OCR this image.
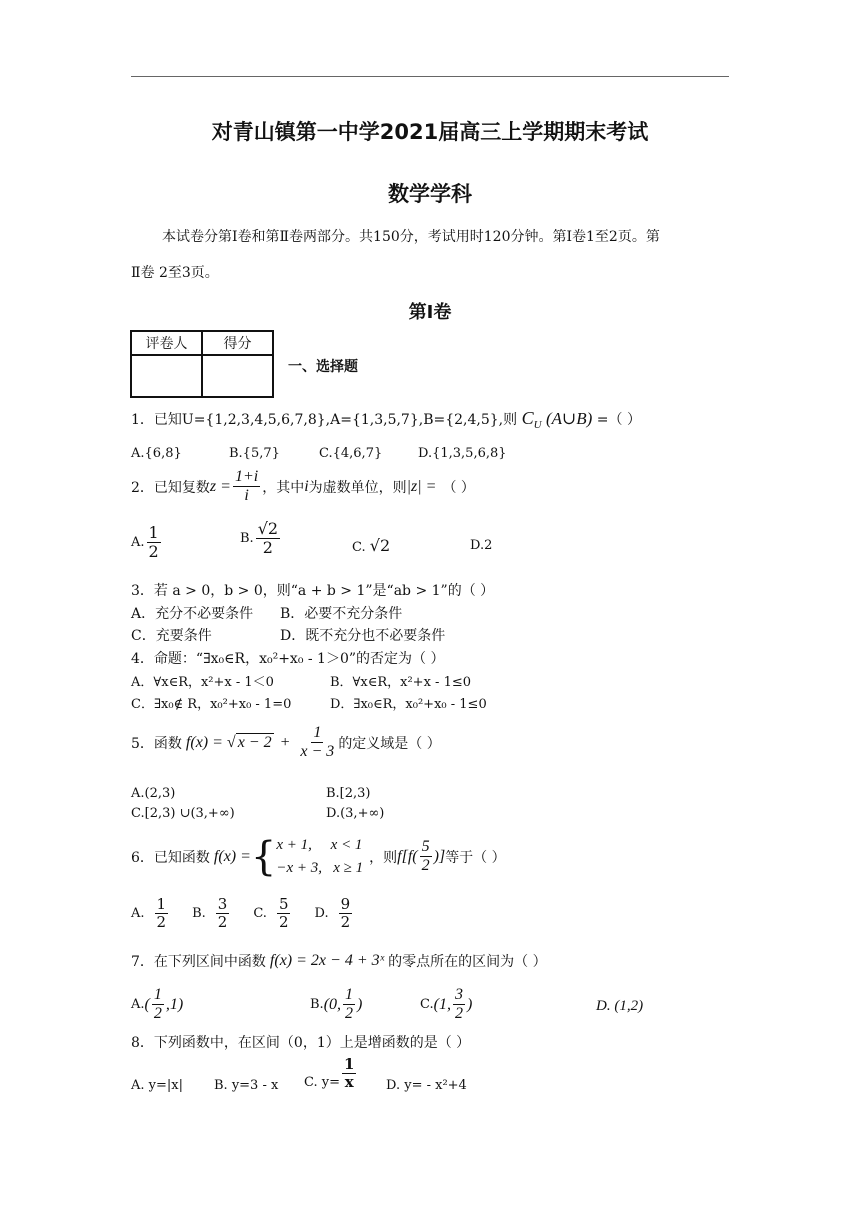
对青山镇第一中学2021届高三上学期期末考试
数学学科
本试卷分第Ⅰ卷和第Ⅱ卷两部分。共150分，考试用时120分钟。第Ⅰ卷1至2页。第
Ⅱ卷 2至3页。
第Ⅰ卷
评卷人	得分

一、选择题
1．已知U={1,2,3,4,5,6,7,8},A={1,3,5,7},B={2,4,5},则 $C_U$ (A∪B) =（ ）
A.{6,8}	B.{5,7}	C.{4,6,7}	D.{1,3,5,6,8}
2．已知复数 $z = \frac{1+i}{i}$ ，其中 i 为虚数单位，则 |z| = （ ）
A. $\frac{1}{2}$	B. $\frac{√2}{2}$	C. √2	D.2
3．若 a > 0，b > 0，则“a + b > 1”是“ab > 1”的（ ）
A．充分不必要条件 B．必要不充分条件
C．充要条件	D．既不充分也不必要条件
4．命题：“∃x₀∈R，x₀²+x₀ - 1＞0”的否定为（ ）
A．∀x∈R，x²+x - 1＜0	B．∀x∈R，x²+x - 1≤0
C．∃x₀∉ R，x₀²+x₀ - 1=0	D．∃x₀∈R，x₀²+x₀ - 1≤0
5．函数 f(x) = √ $x - 2 + \frac{1}{x - 3}$ 的定义域是（ ）
A.(2,3)	B.[2,3)
C.[2,3) ∪(3,+∞)	D.(3,+∞)
6．已知函数 f(x) = { x + 1,     x < 1
−x + 3,   x ≥ 1
，则 $f[f( \frac{5}{2}$ )] 等于（ ）
A. $\frac{1}{2} B$. $\frac{3}{2} C$. $\frac{5}{2} D$. $\frac{9}{2}$
7．在下列区间中函数 f(x) = 2x − 4 + 3ˣ 的零点所在的区间为（ ）
A. ( $\frac{1}{2} ,1$)	B. (0, $\frac{1}{2}$ )	C. (1, $\frac{3}{2}$ )	D. (1,2)
8．下列函数中，在区间（0，1）上是增函数的是（ ）
A. y=|x| B. y=3 - x C. $y= \frac{1}{x} D$. y= - x²+4
